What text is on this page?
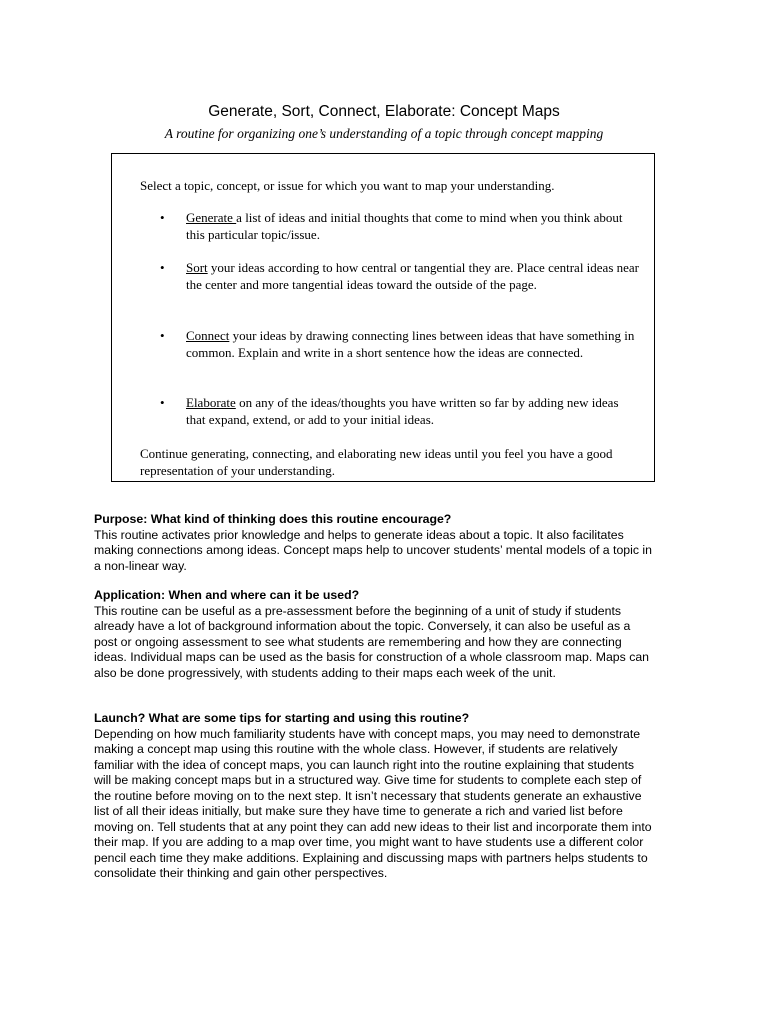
Generate, Sort, Connect, Elaborate: Concept Maps
A routine for organizing one’s understanding of a topic through concept mapping
Select a topic, concept, or issue for which you want to map your understanding.
• Generate a list of ideas and initial thoughts that come to mind when you think about this particular topic/issue.
• Sort your ideas according to how central or tangential they are. Place central ideas near the center and more tangential ideas toward the outside of the page.
• Connect your ideas by drawing connecting lines between ideas that have something in common. Explain and write in a short sentence how the ideas are connected.
• Elaborate on any of the ideas/thoughts you have written so far by adding new ideas that expand, extend, or add to your initial ideas.
Continue generating, connecting, and elaborating new ideas until you feel you have a good representation of your understanding.
Purpose: What kind of thinking does this routine encourage?

This routine activates prior knowledge and helps to generate ideas about a topic. It also facilitates making connections among ideas. Concept maps help to uncover students’ mental models of a topic in a non-linear way.

Application: When and where can it be used?

This routine can be useful as a pre-assessment before the beginning of a unit of study if students already have a lot of background information about the topic. Conversely, it can also be useful as a post or ongoing assessment to see what students are remembering and how they are connecting ideas. Individual maps can be used as the basis for construction of a whole classroom map. Maps can also be done progressively, with students adding to their maps each week of the unit.

Launch? What are some tips for starting and using this routine?

Depending on how much familiarity students have with concept maps, you may need to demonstrate making a concept map using this routine with the whole class. However, if students are relatively familiar with the idea of concept maps, you can launch right into the routine explaining that students will be making concept maps but in a structured way. Give time for students to complete each step of the routine before moving on to the next step. It isn’t necessary that students generate an exhaustive list of all their ideas initially, but make sure they have time to generate a rich and varied list before moving on. Tell students that at any point they can add new ideas to their list and incorporate them into their map. If you are adding to a map over time, you might want to have students use a different color pencil each time they make additions. Explaining and discussing maps with partners helps students to consolidate their thinking and gain other perspectives.
